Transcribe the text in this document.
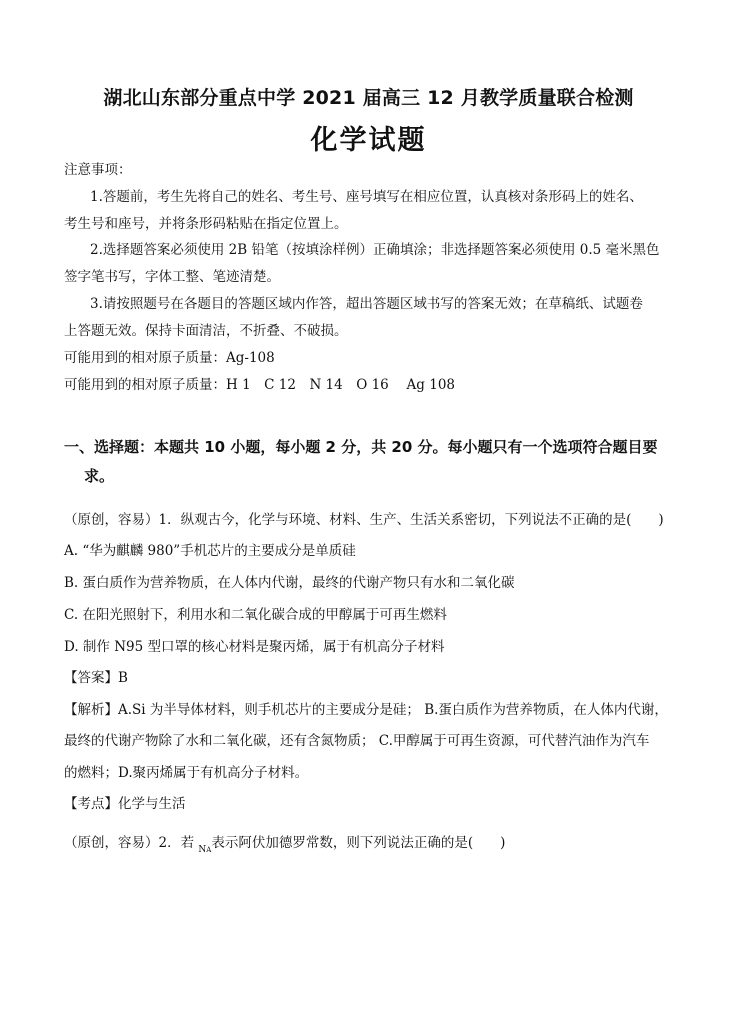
湖北山东部分重点中学 2021 届高三 12 月教学质量联合检测
化学试题
注意事项：
1.答题前，考生先将自己的姓名、考生号、座号填写在相应位置，认真核对条形码上的姓名、
考生号和座号，并将条形码粘贴在指定位置上。
2.选择题答案必须使用 2B 铅笔（按填涂样例）正确填涂；非选择题答案必须使用 0.5 毫米黑色
签字笔书写，字体工整、笔迹清楚。
3.请按照题号在各题目的答题区域内作答，超出答题区域书写的答案无效；在草稿纸、试题卷
上答题无效。保持卡面清洁，不折叠、不破损。
可能用到的相对原子质量：Ag-108
可能用到的相对原子质量：H 1　C 12　N 14　O 16　 Ag 108
一、选择题：本题共 10 小题，每小题 2 分，共 20 分。每小题只有一个选项符合题目要
求。
（原创，容易）1．纵观古今，化学与环境、材料、生产、生活关系密切，下列说法不正确的是(　　)
A. “华为麒麟 980”手机芯片的主要成分是单质硅
B. 蛋白质作为营养物质，在人体内代谢，最终的代谢产物只有水和二氧化碳
C. 在阳光照射下，利用水和二氧化碳合成的甲醇属于可再生燃料
D. 制作 N95 型口罩的核心材料是聚丙烯，属于有机高分子材料
【答案】B
【解析】A.Si 为半导体材料，则手机芯片的主要成分是硅； B.蛋白质作为营养物质，在人体内代谢，
最终的代谢产物除了水和二氧化碳，还有含氮物质； C.甲醇属于可再生资源，可代替汽油作为汽车
的燃料；D.聚丙烯属于有机高分子材料。
【考点】化学与生活
（原创，容易）2．若 $_{NA}$表示阿伏加德罗常数，则下列说法正确的是(　　)
